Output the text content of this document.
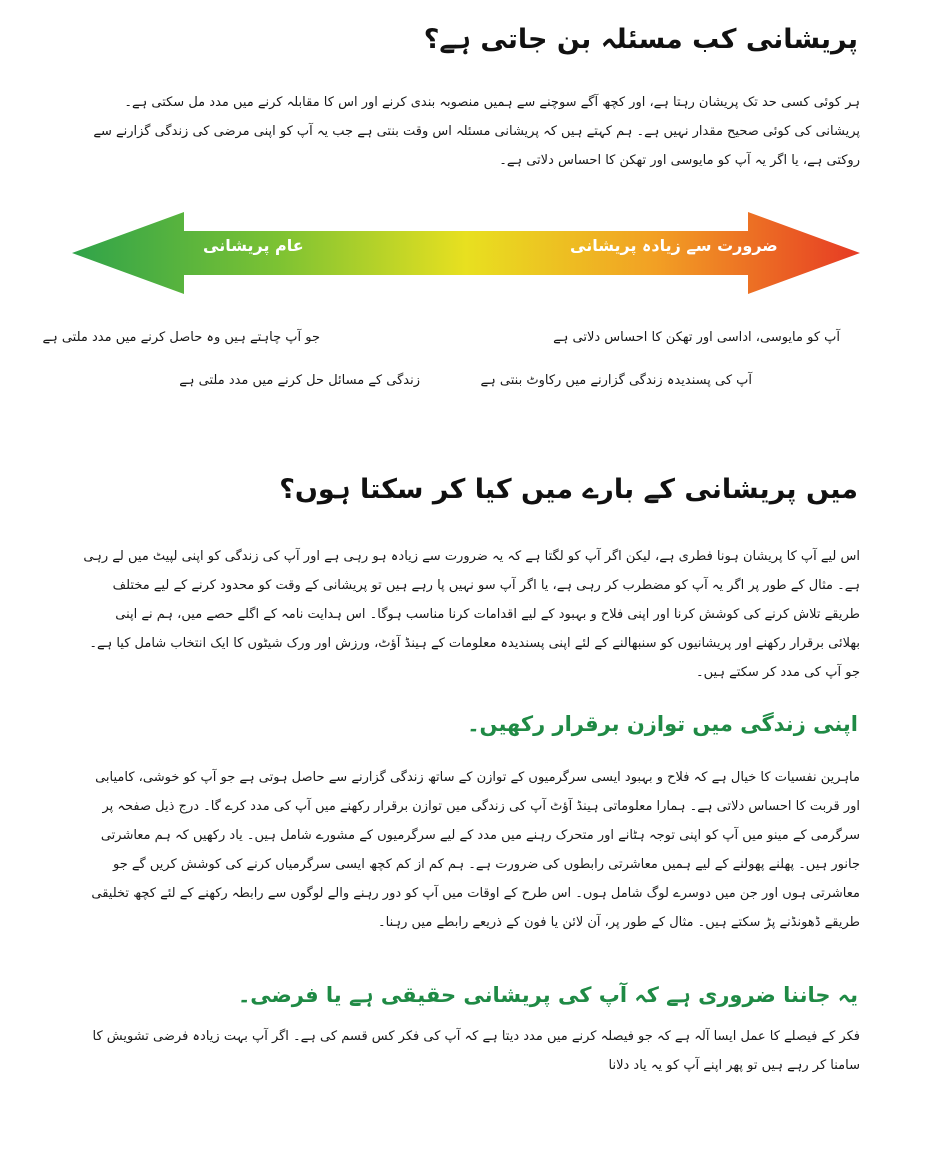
پریشانی کب مسئلہ بن جاتی ہے؟
ہر کوئی کسی حد تک پریشان رہتا ہے، اور کچھ آگے سوچنے سے ہمیں منصوبہ بندی کرنے اور اس کا مقابلہ کرنے میں مدد مل سکتی ہے۔ پریشانی کی کوئی صحیح مقدار نہیں ہے۔ ہم کہتے ہیں کہ پریشانی مسئلہ اس وقت بنتی ہے جب یہ آپ کو اپنی مرضی کی زندگی گزارنے سے روکتی ہے، یا اگر یہ آپ کو مایوسی اور تھکن کا احساس دلاتی ہے۔
عام پریشانی	ضرورت سے زیادہ پریشانی
آپ کو مایوسی، اداسی اور تھکن کا احساس دلاتی ہے
آپ کی پسندیدہ زندگی گزارنے میں رکاوٹ بنتی ہے
جو آپ چاہتے ہیں وہ حاصل کرنے میں مدد ملتی ہے
زندگی کے مسائل حل کرنے میں مدد ملتی ہے
میں پریشانی کے بارے میں کیا کر سکتا ہوں؟
اس لیے آپ کا پریشان ہونا فطری ہے، لیکن اگر آپ کو لگتا ہے کہ یہ ضرورت سے زیادہ ہو رہی ہے اور آپ کی زندگی کو اپنی لپیٹ میں لے رہی ہے۔ مثال کے طور پر اگر یہ آپ کو مضطرب کر رہی ہے، یا اگر آپ سو نہیں پا رہے ہیں تو پریشانی کے وقت کو محدود کرنے کے لیے مختلف طریقے تلاش کرنے کی کوشش کرنا اور اپنی فلاح و بہبود کے لیے اقدامات کرنا مناسب ہوگا۔ اس ہدایت نامہ کے اگلے حصے میں، ہم نے اپنی بھلائی برقرار رکھنے اور پریشانیوں کو سنبھالنے کے لئے اپنی پسندیدہ معلومات کے ہینڈ آؤٹ، ورزش اور ورک شیٹوں کا ایک انتخاب شامل کیا ہے۔ جو آپ کی مدد کر سکتے ہیں۔
اپنی زندگی میں توازن برقرار رکھیں۔
ماہرین نفسیات کا خیال ہے کہ فلاح و بہبود ایسی سرگرمیوں کے توازن کے ساتھ زندگی گزارنے سے حاصل ہوتی ہے جو آپ کو خوشی، کامیابی اور قربت کا احساس دلاتی ہے۔ ہمارا معلوماتی ہینڈ آؤٹ آپ کی زندگی میں توازن برقرار رکھنے میں آپ کی مدد کرے گا۔ درج ذیل صفحہ پر سرگرمی کے مینو میں آپ کو اپنی توجہ ہٹانے اور متحرک رہنے میں مدد کے لیے سرگرمیوں کے مشورے شامل ہیں۔ یاد رکھیں کہ ہم معاشرتی جانور ہیں۔ پھلنے پھولنے کے لیے ہمیں معاشرتی رابطوں کی ضرورت ہے۔ ہم کم از کم کچھ ایسی سرگرمیاں کرنے کی کوشش کریں گے جو معاشرتی ہوں اور جن میں دوسرے لوگ شامل ہوں۔ اس طرح کے اوقات میں آپ کو دور رہنے والے لوگوں سے رابطہ رکھنے کے لئے کچھ تخلیقی طریقے ڈھونڈنے پڑ سکتے ہیں۔ مثال کے طور پر، آن لائن یا فون کے ذریعے رابطے میں رہنا۔
یہ جاننا ضروری ہے کہ آپ کی پریشانی حقیقی ہے یا فرضی۔
فکر کے فیصلے کا عمل ایسا آلہ ہے کہ جو فیصلہ کرنے میں مدد دیتا ہے کہ آپ کی فکر کس قسم کی ہے۔ اگر آپ بہت زیادہ فرضی تشویش کا سامنا کر رہے ہیں تو پھر اپنے آپ کو یہ یاد دلانا
